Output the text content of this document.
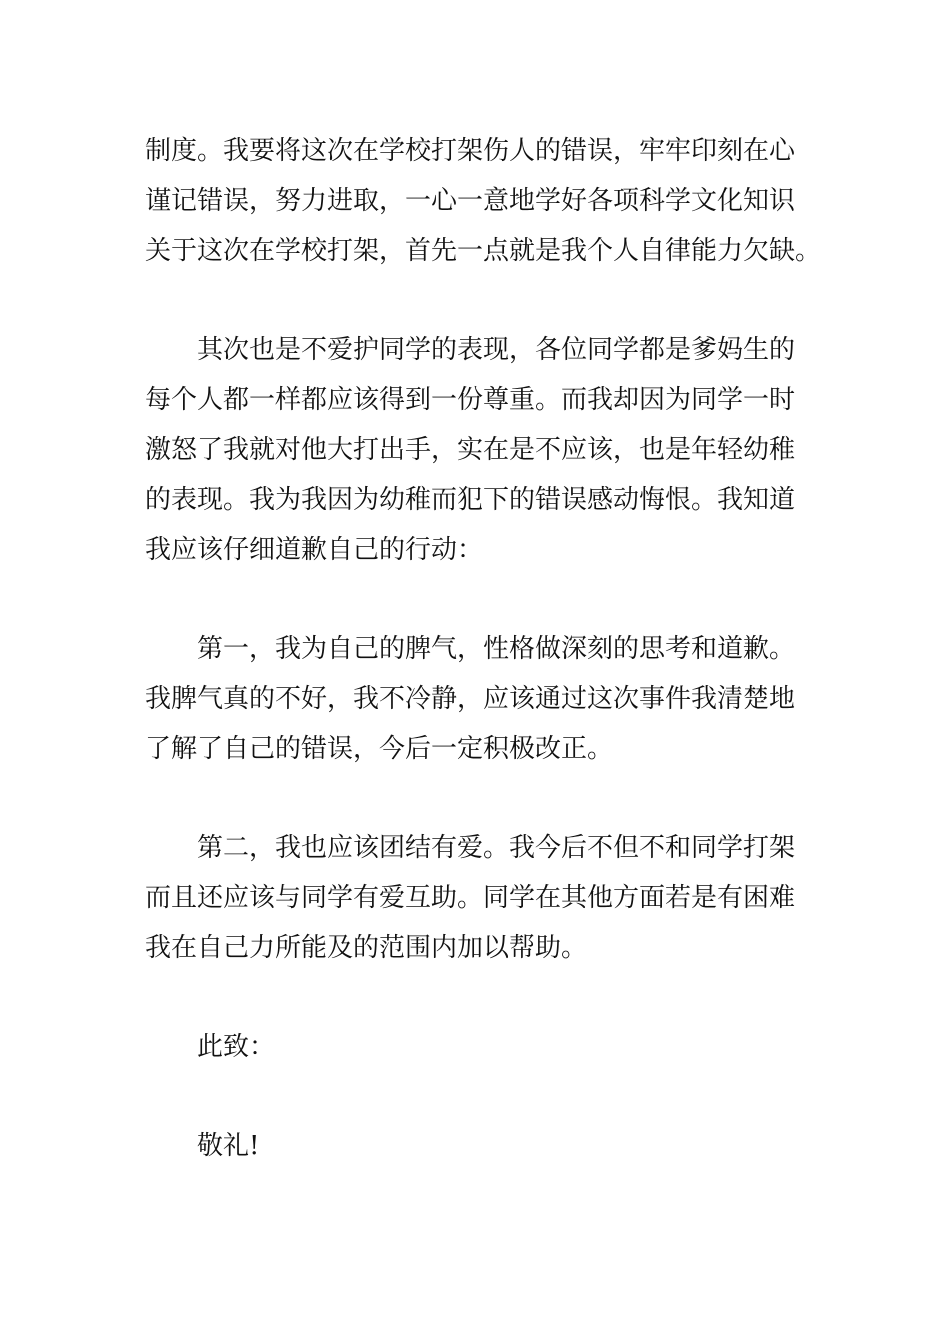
制度。我要将这次在学校打架伤人的错误，牢牢印刻在心
谨记错误，努力进取，一心一意地学好各项科学文化知识
关于这次在学校打架，首先一点就是我个人自律能力欠缺。
其次也是不爱护同学的表现，各位同学都是爹妈生的
每个人都一样都应该得到一份尊重。而我却因为同学一时
激怒了我就对他大打出手，实在是不应该，也是年轻幼稚
的表现。我为我因为幼稚而犯下的错误感动悔恨。我知道
我应该仔细道歉自己的行动：
第一，我为自己的脾气，性格做深刻的思考和道歉。
我脾气真的不好，我不冷静，应该通过这次事件我清楚地
了解了自己的错误，今后一定积极改正。
第二，我也应该团结有爱。我今后不但不和同学打架
而且还应该与同学有爱互助。同学在其他方面若是有困难
我在自己力所能及的范围内加以帮助。
此致：
敬礼!
